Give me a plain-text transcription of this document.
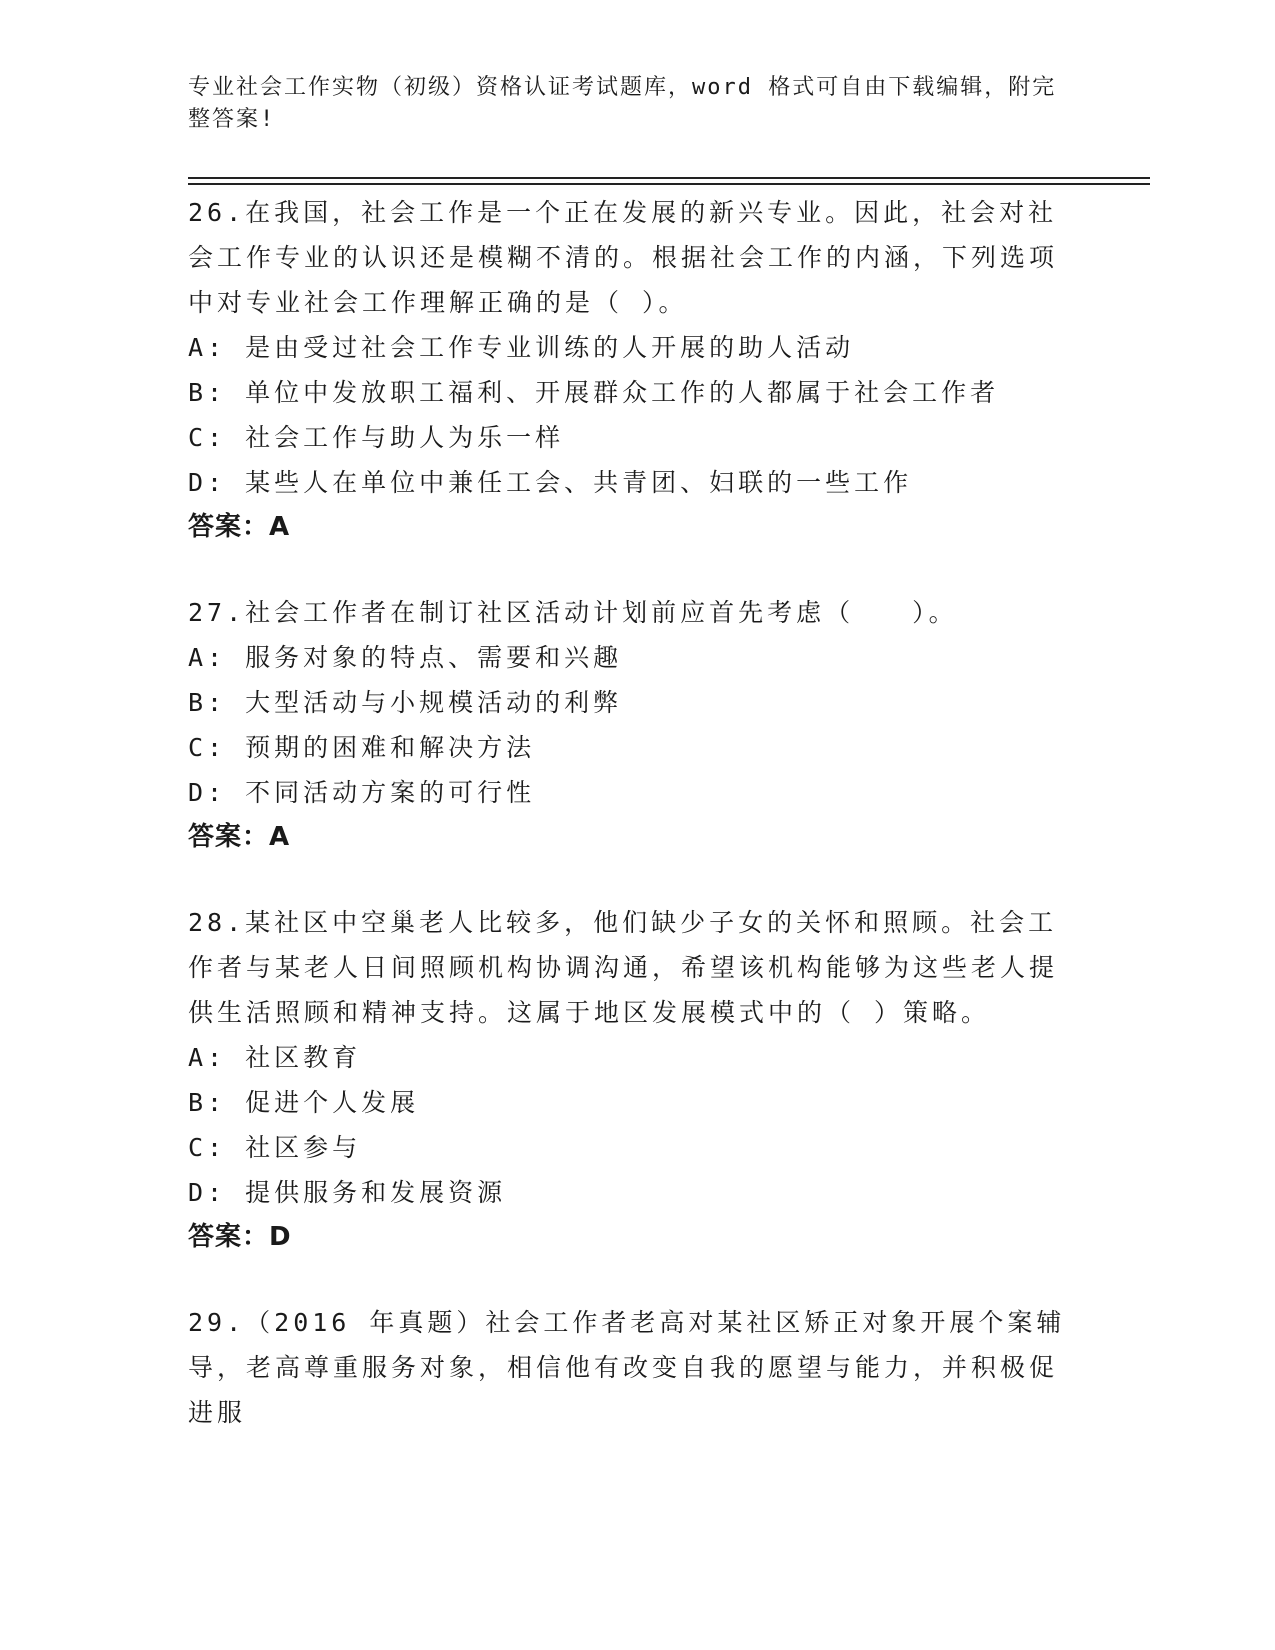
专业社会工作实物（初级）资格认证考试题库，word 格式可自由下载编辑，附完整答案!

26.在我国，社会工作是一个正在发展的新兴专业。因此，社会对社会工作专业的认识还是模糊不清的。根据社会工作的内涵，下列选项中对专业社会工作理解正确的是（ ）。

A: 是由受过社会工作专业训练的人开展的助人活动

B: 单位中发放职工福利、开展群众工作的人都属于社会工作者

C: 社会工作与助人为乐一样

D: 某些人在单位中兼任工会、共青团、妇联的一些工作

答案：A

27.社会工作者在制订社区活动计划前应首先考虑（　　）。

A: 服务对象的特点、需要和兴趣

B: 大型活动与小规模活动的利弊

C: 预期的困难和解决方法

D: 不同活动方案的可行性

答案：A

28.某社区中空巢老人比较多，他们缺少子女的关怀和照顾。社会工作者与某老人日间照顾机构协调沟通，希望该机构能够为这些老人提供生活照顾和精神支持。这属于地区发展模式中的（ ）策略。

A: 社区教育

B: 促进个人发展

C: 社区参与

D: 提供服务和发展资源

答案：D

29.（2016 年真题）社会工作者老高对某社区矫正对象开展个案辅导，老高尊重服务对象，相信他有改变自我的愿望与能力，并积极促进服
